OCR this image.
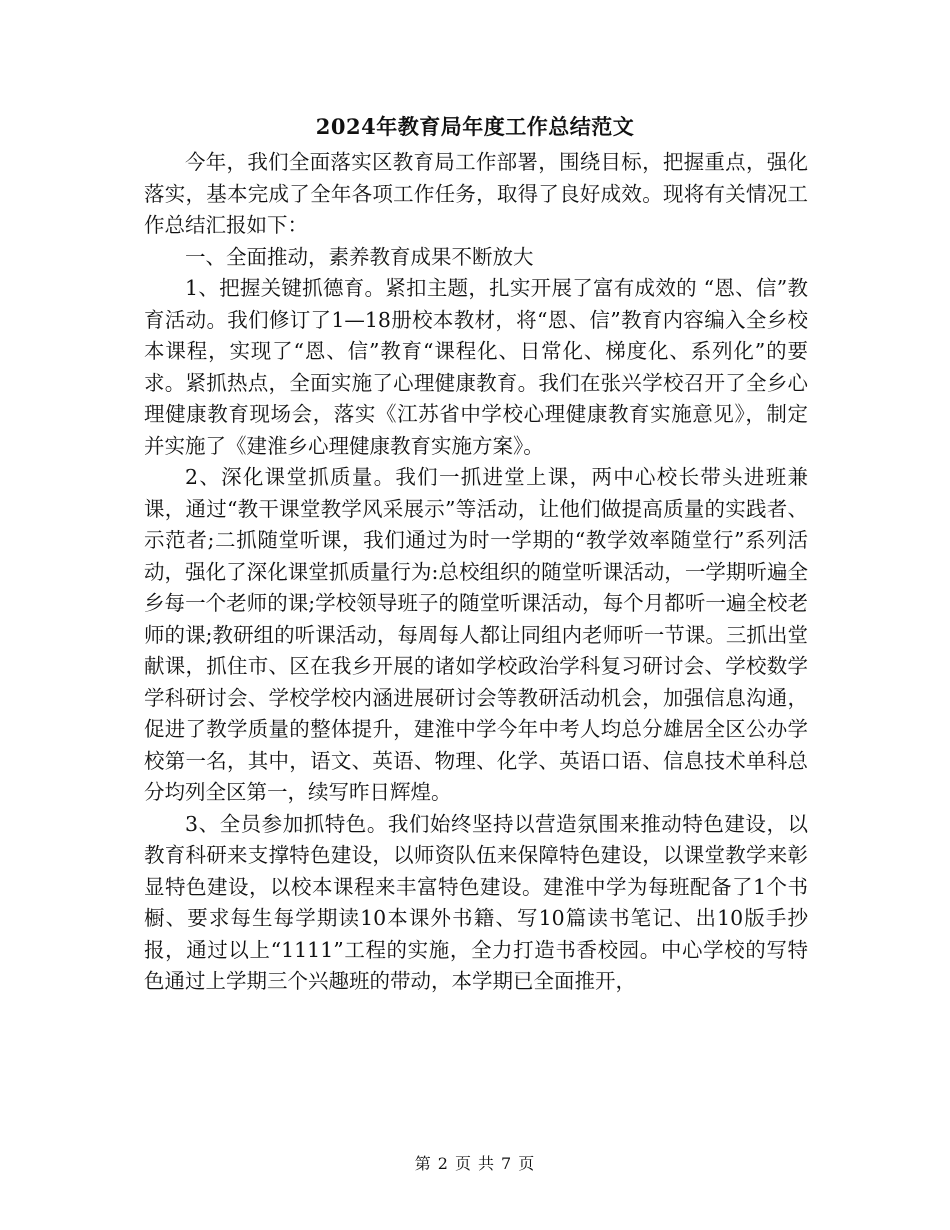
2024年教育局年度工作总结范文

今年，我们全面落实区教育局工作部署，围绕目标，把握重点，强化落实，基本完成了全年各项工作任务，取得了良好成效。现将有关情况工作总结汇报如下：

一、全面推动，素养教育成果不断放大

1、把握关键抓德育。紧扣主题，扎实开展了富有成效的 “恩、信”教育活动。我们修订了1—18册校本教材，将“恩、信”教育内容编入全乡校本课程，实现了“恩、信”教育“课程化、日常化、梯度化、系列化”的要求。紧抓热点，全面实施了心理健康教育。我们在张兴学校召开了全乡心理健康教育现场会，落实《江苏省中学校心理健康教育实施意见》，制定并实施了《建淮乡心理健康教育实施方案》。

2、深化课堂抓质量。我们一抓进堂上课，两中心校长带头进班兼课，通过“教干课堂教学风采展示”等活动，让他们做提高质量的实践者、示范者;二抓随堂听课，我们通过为时一学期的“教学效率随堂行”系列活动，强化了深化课堂抓质量行为:总校组织的随堂听课活动，一学期听遍全乡每一个老师的课;学校领导班子的随堂听课活动，每个月都听一遍全校老师的课;教研组的听课活动，每周每人都让同组内老师听一节课。三抓出堂献课，抓住市、区在我乡开展的诸如学校政治学科复习研讨会、学校数学学科研讨会、学校学校内涵进展研讨会等教研活动机会，加强信息沟通，促进了教学质量的整体提升，建淮中学今年中考人均总分雄居全区公办学校第一名，其中，语文、英语、物理、化学、英语口语、信息技术单科总分均列全区第一，续写昨日辉煌。

3、全员参加抓特色。我们始终坚持以营造氛围来推动特色建设，以教育科研来支撑特色建设，以师资队伍来保障特色建设，以课堂教学来彰显特色建设，以校本课程来丰富特色建设。建淮中学为每班配备了1个书橱、要求每生每学期读10本课外书籍、写10篇读书笔记、出10版手抄报，通过以上“1111”工程的实施，全力打造书香校园。中心学校的写特色通过上学期三个兴趣班的带动，本学期已全面推开，

第 2 页 共 7 页
